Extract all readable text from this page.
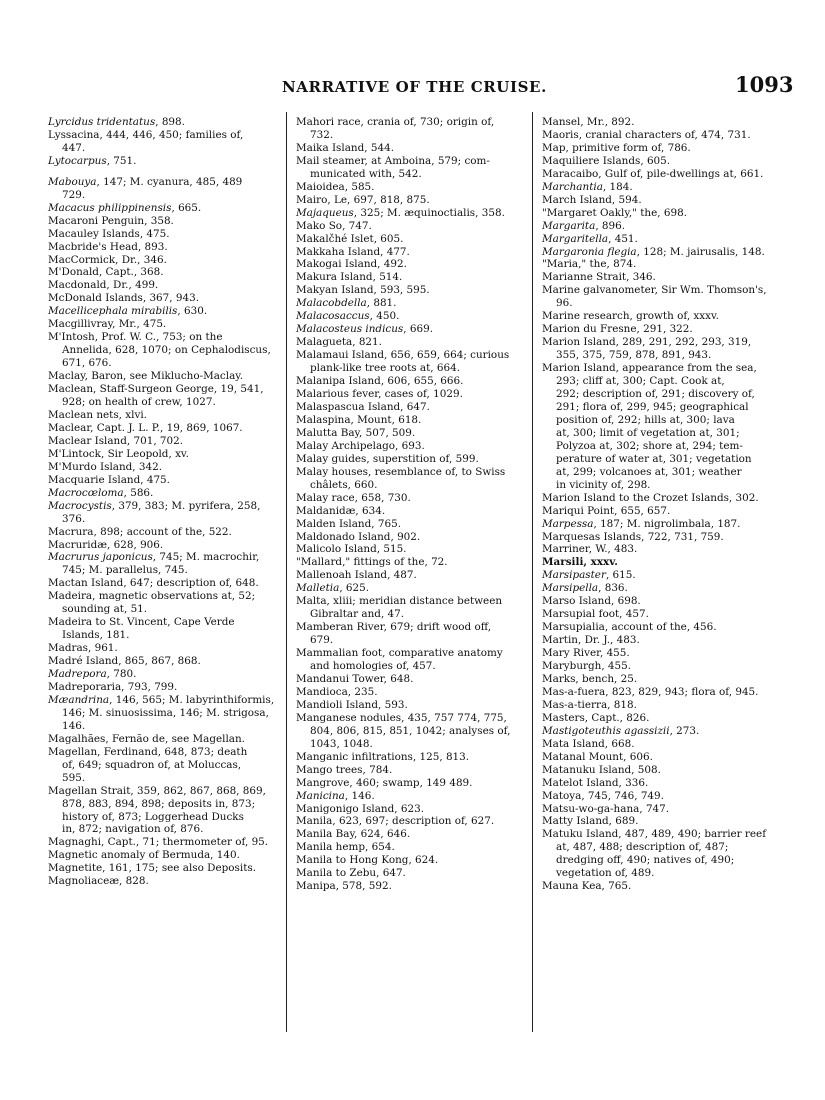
NARRATIVE OF THE CRUISE.	1093
Lyrcidus tridentatus, 898.
Lyssacina, 444, 446, 450; families of,
447.
Lytocarpus, 751.
Mabouya, 147; M. cyanura, 485, 489
729.
Macacus philippinensis, 665.
Macaroni Penguin, 358.
Macauley Islands, 475.
Macbride's Head, 893.
MacCormick, Dr., 346.
M'Donald, Capt., 368.
Macdonald, Dr., 499.
McDonald Islands, 367, 943.
Macellicephala mirabilis, 630.
Macgillivray, Mr., 475.
M'Intosh, Prof. W. C., 753; on the
Annelida, 628, 1070; on Cephalodiscus,
671, 676.
Maclay, Baron, see Miklucho-Maclay.
Maclean, Staff-Surgeon George, 19, 541,
928; on health of crew, 1027.
Maclean nets, xlvi.
Maclear, Capt. J. L. P., 19, 869, 1067.
Maclear Island, 701, 702.
M'Lintock, Sir Leopold, xv.
M'Murdo Island, 342.
Macquarie Island, 475.
Macrocœloma, 586.
Macrocystis, 379, 383; M. pyrifera, 258,
376.
Macrura, 898; account of the, 522.
Macruridæ, 628, 906.
Macrurus japonicus, 745; M. macrochir,
745; M. parallelus, 745.
Mactan Island, 647; description of, 648.
Madeira, magnetic observations at, 52;
sounding at, 51.
Madeira to St. Vincent, Cape Verde
Islands, 181.
Madras, 961.
Madré Island, 865, 867, 868.
Madrepora, 780.
Madreporaria, 793, 799.
Mæandrina, 146, 565; M. labyrinthiformis,
146; M. sinuosissima, 146; M. strigosa,
146.
Magalhães, Fernão de, see Magellan.
Magellan, Ferdinand, 648, 873; death
of, 649; squadron of, at Moluccas,
595.
Magellan Strait, 359, 862, 867, 868, 869,
878, 883, 894, 898; deposits in, 873;
history of, 873; Loggerhead Ducks
in, 872; navigation of, 876.
Magnaghi, Capt., 71; thermometer of, 95.
Magnetic anomaly of Bermuda, 140.
Magnetite, 161, 175; see also Deposits.
Magnoliaceæ, 828.
Mahori race, crania of, 730; origin of,
732.
Maika Island, 544.
Mail steamer, at Amboina, 579; com-
municated with, 542.
Maioidea, 585.
Mairo, Le, 697, 818, 875.
Majaqueus, 325; M. æquinoctialis, 358.
Mako So, 747.
Makalčhé Islet, 605.
Makkaha Island, 477.
Makogai Island, 492.
Makura Island, 514.
Makyan Island, 593, 595.
Malacobdella, 881.
Malacosaccus, 450.
Malacosteus indicus, 669.
Malagueta, 821.
Malamaui Island, 656, 659, 664; curious
plank-like tree roots at, 664.
Malanipa Island, 606, 655, 666.
Malarious fever, cases of, 1029.
Malaspascua Island, 647.
Malaspina, Mount, 618.
Malutta Bay, 507, 509.
Malay Archipelago, 693.
Malay guides, superstition of, 599.
Malay houses, resemblance of, to Swiss
châlets, 660.
Malay race, 658, 730.
Maldanidæ, 634.
Malden Island, 765.
Maldonado Island, 902.
Malicolo Island, 515.
"Mallard," fittings of the, 72.
Mallenoah Island, 487.
Malletia, 625.
Malta, xliii; meridian distance between
Gibraltar and, 47.
Mamberan River, 679; drift wood off,
679.
Mammalian foot, comparative anatomy
and homologies of, 457.
Mandanui Tower, 648.
Mandioca, 235.
Mandioli Island, 593.
Manganese nodules, 435, 757 774, 775,
804, 806, 815, 851, 1042; analyses of,
1043, 1048.
Manganic infiltrations, 125, 813.
Mango trees, 784.
Mangrove, 460; swamp, 149 489.
Manicina, 146.
Manigonigo Island, 623.
Manila, 623, 697; description of, 627.
Manila Bay, 624, 646.
Manila hemp, 654.
Manila to Hong Kong, 624.
Manila to Zebu, 647.
Manipa, 578, 592.
Mansel, Mr., 892.
Maoris, cranial characters of, 474, 731.
Map, primitive form of, 786.
Maquiliere Islands, 605.
Maracaibo, Gulf of, pile-dwellings at, 661.
Marchantia, 184.
March Island, 594.
"Margaret Oakly," the, 698.
Margarita, 896.
Margaritella, 451.
Margaronia flegia, 128; M. jairusalis, 148.
"Maria," the, 874.
Marianne Strait, 346.
Marine galvanometer, Sir Wm. Thomson's,
96.
Marine research, growth of, xxxv.
Marion du Fresne, 291, 322.
Marion Island, 289, 291, 292, 293, 319,
355, 375, 759, 878, 891, 943.
Marion Island, appearance from the sea,
293; cliff at, 300; Capt. Cook at,
292; description of, 291; discovery of,
291; flora of, 299, 945; geographical
position of, 292; hills at, 300; lava
at, 300; limit of vegetation at, 301;
Polyzoa at, 302; shore at, 294; tem-
perature of water at, 301; vegetation
at, 299; volcanoes at, 301; weather
in vicinity of, 298.
Marion Island to the Crozet Islands, 302.
Mariqui Point, 655, 657.
Marpessa, 187; M. nigrolimbala, 187.
Marquesas Islands, 722, 731, 759.
Marriner, W., 483.
Marsili, xxxv.
Marsipaster, 615.
Marsipella, 836.
Marso Island, 698.
Marsupial foot, 457.
Marsupialia, account of the, 456.
Martin, Dr. J., 483.
Mary River, 455.
Maryburgh, 455.
Marks, bench, 25.
Mas-a-fuera, 823, 829, 943; flora of, 945.
Mas-a-tierra, 818.
Masters, Capt., 826.
Mastigoteuthis agassizii, 273.
Mata Island, 668.
Matanal Mount, 606.
Matanuku Island, 508.
Matelot Island, 336.
Matoya, 745, 746, 749.
Matsu-wo-ga-hana, 747.
Matty Island, 689.
Matuku Island, 487, 489, 490; barrier reef
at, 487, 488; description of, 487;
dredging off, 490; natives of, 490;
vegetation of, 489.
Mauna Kea, 765.
